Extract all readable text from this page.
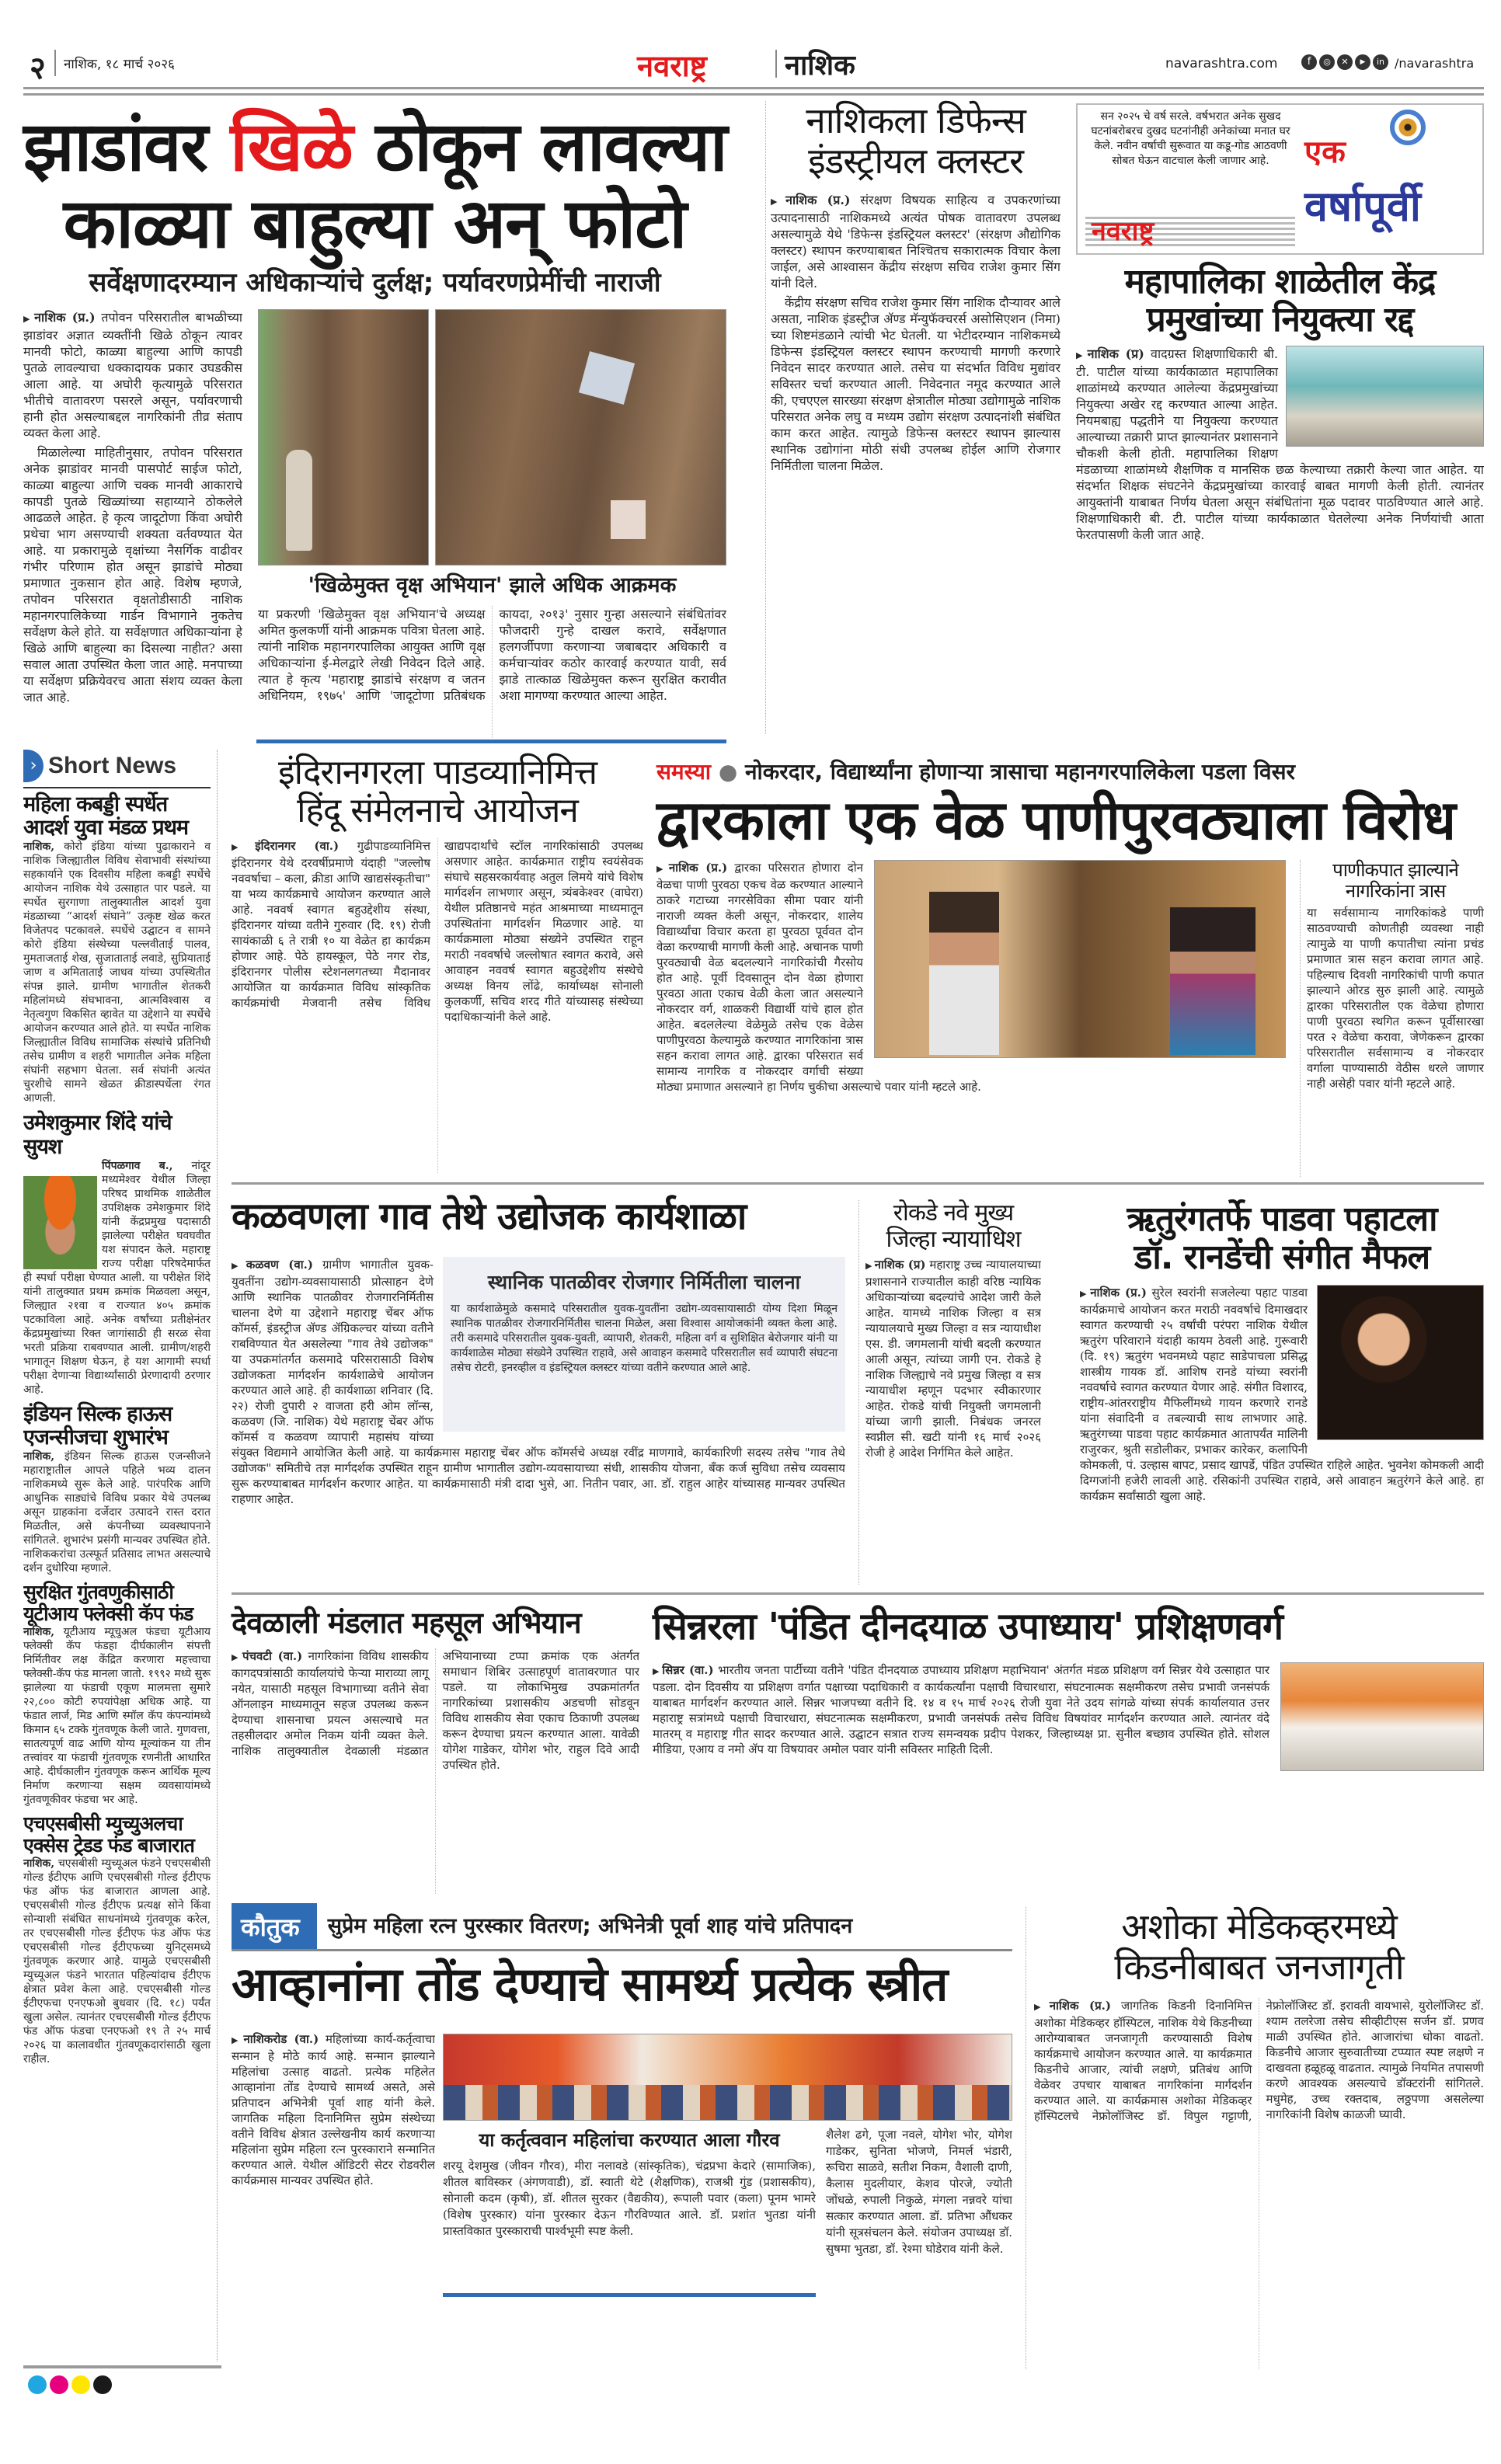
२ नाशिक, १८ मार्च २०२६	नवराष्ट्र	नाशिक	navarashtra.com	f	◎	✕	▶	in /navarashtra
झाडांवर खिळे ठोकून लावल्या
काळ्या बाहुल्या अन् फोटो
सर्वेक्षणादरम्यान अधिकाऱ्यांचे दुर्लक्ष; पर्यावरणप्रेमींची नाराजी

▶ नाशिक (प्र.) तपोवन परिसरातील बाभळीच्या झाडांवर अज्ञात व्यक्तींनी खिळे ठोकून त्यावर मानवी फोटो, काळ्या बाहुल्या आणि कापडी पुतळे लावल्याचा धक्कादायक प्रकार उघडकीस आला आहे. या अघोरी कृत्यामुळे परिसरात भीतीचे वातावरण पसरले असून, पर्यावरणाची हानी होत असल्याबद्दल नागरिकांनी तीव्र संताप व्यक्त केला आहे.

मिळालेल्या माहितीनुसार, तपोवन परिसरात अनेक झाडांवर मानवी पासपोर्ट साईज फोटो, काळ्या बाहुल्या आणि चक्क मानवी आकाराचे कापडी पुतळे खिळ्यांच्या सहाय्याने ठोकलेले आढळले आहेत. हे कृत्य जादूटोणा किंवा अघोरी प्रथेचा भाग असण्याची शक्यता वर्तवण्यात येत आहे. या प्रकारामुळे वृक्षांच्या नैसर्गिक वाढीवर गंभीर परिणाम होत असून झाडांचे मोठ्या प्रमाणात नुकसान होत आहे. विशेष म्हणजे, तपोवन परिसरात वृक्षतोडीसाठी नाशिक महानगरपालिकेच्या गार्डन विभागाने नुकतेच सर्वेक्षण केले होते. या सर्वेक्षणात अधिकाऱ्यांना हे खिळे आणि बाहुल्या का दिसल्या नाहीत? असा सवाल आता उपस्थित केला जात आहे. मनपाच्या या सर्वेक्षण प्रक्रियेवरच आता संशय व्यक्त केला जात आहे.

'खिळेमुक्त वृक्ष अभियान' झाले अधिक आक्रमक
या प्रकरणी 'खिळेमुक्त वृक्ष अभियान'चे अध्यक्ष अमित कुलकर्णी यांनी आक्रमक पवित्रा घेतला आहे. त्यांनी नाशिक महानगरपालिका आयुक्त आणि वृक्ष अधिकाऱ्यांना ई-मेलद्वारे लेखी निवेदन दिले आहे. त्यात हे कृत्य 'महाराष्ट्र झाडांचे संरक्षण व जतन अधिनियम, १९७५' आणि 'जादूटोणा प्रतिबंधक कायदा, २०१३' नुसार गुन्हा असल्याने संबंधितांवर फौजदारी गुन्हे दाखल करावे, सर्वेक्षणात हलगर्जीपणा करणाऱ्या जबाबदार अधिकारी व कर्मचाऱ्यांवर कठोर कारवाई करण्यात यावी, सर्व झाडे तात्काळ खिळेमुक्त करून सुरक्षित करावीत अशा मागण्या करण्यात आल्या आहेत.
नाशिकला डिफेन्स
इंडस्ट्रीयल क्लस्टर

▶ नाशिक (प्र.) संरक्षण विषयक साहित्य व उपकरणांच्या उत्पादनासाठी नाशिकमध्ये अत्यंत पोषक वातावरण उपलब्ध असल्यामुळे येथे 'डिफेन्स इंडस्ट्रियल क्लस्टर' (संरक्षण औद्योगिक क्लस्टर) स्थापन करण्याबाबत निश्चितच सकारात्मक विचार केला जाईल, असे आश्वासन केंद्रीय संरक्षण सचिव राजेश कुमार सिंग यांनी दिले.

केंद्रीय संरक्षण सचिव राजेश कुमार सिंग नाशिक दौऱ्यावर आले असता, नाशिक इंडस्ट्रीज ॲण्ड मॅन्युफॅक्चरर्स असोसिएशन (निमा) च्या शिष्टमंडळाने त्यांची भेट घेतली. या भेटीदरम्यान नाशिकमध्ये डिफेन्स इंडस्ट्रियल क्लस्टर स्थापन करण्याची मागणी करणारे निवेदन सादर करण्यात आले. तसेच या संदर्भात विविध मुद्यांवर सविस्तर चर्चा करण्यात आली. निवेदनात नमूद करण्यात आले की, एचएएल सारख्या संरक्षण क्षेत्रातील मोठ्या उद्योगामुळे नाशिक परिसरात अनेक लघु व मध्यम उद्योग संरक्षण उत्पादनांशी संबंधित काम करत आहेत. त्यामुळे डिफेन्स क्लस्टर स्थापन झाल्यास स्थानिक उद्योगांना मोठी संधी उपलब्ध होईल आणि रोजगार निर्मितीला चालना मिळेल.

सन २०२५ चे वर्ष सरले. वर्षभरात अनेक सुखद घटनांबरोबरच दुखद घटनांनीही अनेकांच्या मनात घर केले. नवीन वर्षाची सुरूवात या कडू-गोड आठवणी सोबत घेऊन वाटचाल केली जाणार आहे.
नवराष्ट्र
एक
वर्षापूर्वी
महापालिका शाळेतील केंद्र
प्रमुखांच्या नियुक्त्या रद्द
▶ नाशिक (प्र) वादग्रस्त शिक्षणाधिकारी बी. टी. पाटील यांच्या कार्यकाळात महापालिका शाळांमध्ये करण्यात आलेल्या केंद्रप्रमुखांच्या नियुक्त्या अखेर रद्द करण्यात आल्या आहेत. नियमबाह्य पद्धतीने या नियुक्त्या करण्यात आल्याच्या तक्रारी प्राप्त झाल्यानंतर प्रशासनाने चौकशी केली होती. महापालिका शिक्षण मंडळाच्या शाळांमध्ये शैक्षणिक व मानसिक छळ केल्याच्या तक्रारी केल्या जात आहेत. या संदर्भात शिक्षक संघटनेने केंद्रप्रमुखांच्या कारवाई बाबत मागणी केली होती. त्यानंतर आयुक्तांनी याबाबत निर्णय घेतला असून संबंधितांना मूळ पदावर पाठविण्यात आले आहे. शिक्षणाधिकारी बी. टी. पाटील यांच्या कार्यकाळात घेतलेल्या अनेक निर्णयांची आता फेरतपासणी केली जात आहे.
› Short News
महिला कबड्डी स्पर्धेत आदर्श युवा मंडळ प्रथम
नाशिक, कोरो इंडिया यांच्या पुढाकाराने व नाशिक जिल्ह्यातील विविध सेवाभावी संस्थांच्या सहकार्याने एक दिवसीय महिला कबड्डी स्पर्धेचे आयोजन नाशिक येथे उत्साहात पार पडले. या स्पर्धेत सुरगाणा तालुक्यातील आदर्श युवा मंडळाच्या “आदर्श संघाने” उत्कृष्ट खेळ करत विजेतपद पटकावले. स्पर्धेचे उद्घाटन व सामने कोरो इंडिया संस्थेच्या पल्लवीताई पालव, मुमताजताई शेख, सुजाताताई लवाडे, सुप्रियाताई जाण व अमिताताई जाधव यांच्या उपस्थितीत संपन्न झाले. ग्रामीण भागातील शेतकरी महिलांमध्ये संघभावना, आत्मविश्वास व नेतृत्वगुण विकसित व्हावेत या उद्देशाने या स्पर्धेचे आयोजन करण्यात आले होते. या स्पर्धेत नाशिक जिल्ह्यातील विविध सामाजिक संस्थांचे प्रतिनिधी तसेच ग्रामीण व शहरी भागातील अनेक महिला संघांनी सहभाग घेतला. सर्व संघांनी अत्यंत चुरशीचे सामने खेळत क्रीडास्पर्धेला रंगत आणली.
उमेशकुमार शिंदे यांचे सुयश
पिंपळगाव ब., नांदूर मध्यमेश्वर येथील जिल्हा परिषद प्राथमिक शाळेतील उपशिक्षक उमेशकुमार शिंदे यांनी केंद्रप्रमुख पदासाठी झालेल्या परीक्षेत घवघवीत यश संपादन केले. महाराष्ट्र राज्य परीक्षा परिषदेमार्फत ही स्पर्धा परीक्षा घेण्यात आली. या परीक्षेत शिंदे यांनी तालुक्यात प्रथम क्रमांक मिळवला असून, जिल्ह्यात २१वा व राज्यात ४०५ क्रमांक पटकाविला आहे. अनेक वर्षांच्या प्रतीक्षेनंतर केंद्रप्रमुखांच्या रिक्त जागांसाठी ही सरळ सेवा भरती प्रक्रिया राबवण्यात आली. ग्रामीण/शहरी भागातून शिक्षण घेऊन, हे यश आगामी स्पर्धा परीक्षा देणाऱ्या विद्यार्थ्यांसाठी प्रेरणादायी ठरणार आहे.
इंडियन सिल्क हाऊस एजन्सीजचा शुभारंभ
नाशिक, इंडियन सिल्क हाऊस एजन्सीजने महाराष्ट्रातील आपले पहिले भव्य दालन नाशिकमध्ये सुरू केले आहे. पारंपरिक आणि आधुनिक साड्यांचे विविध प्रकार येथे उपलब्ध असून ग्राहकांना दर्जेदार उत्पादने रास्त दरात मिळतील, असे कंपनीच्या व्यवस्थापनाने सांगितले. शुभारंभ प्रसंगी मान्यवर उपस्थित होते. नाशिककरांचा उत्स्फूर्त प्रतिसाद लाभत असल्याचे दर्शन दुधोरिया म्हणाले.
सुरक्षित गुंतवणुकीसाठी यूटीआय फ्लेक्सी कॅप फंड
नाशिक, यूटीआय म्यूचुअल फंडचा यूटीआय फ्लेक्सी कॅप फंडहा दीर्घकालीन संपत्ती निर्मितीवर लक्ष केंद्रित करणारा महत्त्वाचा फ्लेक्सी-कॅप फंड मानला जातो. १९९२ मध्ये सुरू झालेल्या या फंडाची एकूण मालमत्ता सुमारे २२,८०० कोटी रुपयांपेक्षा अधिक आहे. या फंडात लार्ज, मिड आणि स्मॉल कॅप कंपन्यांमध्ये किमान ६५ टक्के गुंतवणूक केली जाते. गुणवत्ता, सातत्यपूर्ण वाढ आणि योग्य मूल्यांकन या तीन तत्त्वांवर या फंडाची गुंतवणूक रणनीती आधारित आहे. दीर्घकालीन गुंतवणूक करून आर्थिक मूल्य निर्माण करणाऱ्या सक्षम व्यवसायांमध्ये गुंतवणूकीवर फंडचा भर आहे.
एचएसबीसी म्युच्युअलचा एक्सेस ट्रेडड फंड बाजारात
नाशिक, चएसबीसी म्युच्यूअल फंडने एचएसबीसी गोल्ड ईटीएफ आणि एचएसबीसी गोल्ड ईटीएफ फंड ऑफ फंड बाजारात आणला आहे. एचएसबीसी गोल्ड ईटीएफ प्रत्यक्ष सोने किंवा सोन्याशी संबंधित साधनांमध्ये गुंतवणूक करेल, तर एचएसबीसी गोल्ड ईटीएफ फंड ऑफ फंड एचएसबीसी गोल्ड ईटीएफच्या युनिट्समध्ये गुंतवणूक करणार आहे. यामुळे एचएसबीसी म्युच्यूअल फंडने भारतात पहिल्यांदाच ईटीएफ क्षेत्रात प्रवेश केला आहे. एचएसबीसी गोल्ड ईटीएफचा एनएफओ बुधवार (दि. १८) पर्यंत खुला असेल. त्यानंतर एचएसबीसी गोल्ड ईटीएफ फंड ऑफ फंडचा एनएफओ १९ ते २५ मार्च २०२६ या कालावधीत गुंतवणूकदारांसाठी खुला राहील.
इंदिरानगरला पाडव्यानिमित्त
हिंदू संमेलनाचे आयोजन
▶ इंदिरानगर (वा.) गुढीपाडव्यानिमित्त इंदिरानगर येथे दरवर्षीप्रमाणे यंदाही "जल्लोष नववर्षाचा – कला, क्रीडा आणि खाद्यसंस्कृतीचा" या भव्य कार्यक्रमाचे आयोजन करण्यात आले आहे. नववर्ष स्वागत बहुउद्देशीय संस्था, इंदिरानगर यांच्या वतीने गुरुवार (दि. १९) रोजी सायंकाळी ६ ते रात्री १० या वेळेत हा कार्यक्रम होणार आहे. पेठे हायस्कूल, पेठे नगर रोड, इंदिरानगर पोलीस स्टेशनलगतच्या मैदानावर आयोजित या कार्यक्रमात विविध सांस्कृतिक कार्यक्रमांची मेजवानी तसेच विविध खाद्यपदार्थांचे स्टॉल नागरिकांसाठी उपलब्ध असणार आहेत. कार्यक्रमात राष्ट्रीय स्वयंसेवक संघाचे सहसरकार्यवाह अतुल लिमये यांचे विशेष मार्गदर्शन लाभणार असून, त्र्यंबकेश्वर (वाघेरा) येथील प्रतिष्ठानचे महंत आश्रमाच्या माध्यमातून उपस्थितांना मार्गदर्शन मिळणार आहे. या कार्यक्रमाला मोठ्या संख्येने उपस्थित राहून मराठी नववर्षाचे जल्लोषात स्वागत करावे, असे आवाहन नववर्ष स्वागत बहुउद्देशीय संस्थेचे अध्यक्ष विनय लोंढे, कार्याध्यक्ष सोनाली कुलकर्णी, सचिव शरद गीते यांच्यासह संस्थेच्या पदाधिकाऱ्यांनी केले आहे.
समस्या ● नोकरदार, विद्यार्थ्यांना होणाऱ्या त्रासाचा महानगरपालिकेला पडला विसर
द्वारकाला एक वेळ पाणीपुरवठ्याला विरोध
▶ नाशिक (प्र.) द्वारका परिसरात होणारा दोन वेळचा पाणी पुरवठा एकच वेळ करण्यात आल्याने ठाकरे गटाच्या नगरसेविका सीमा पवार यांनी नाराजी व्यक्त केली असून, नोकरदार, शालेय विद्यार्थ्यांचा विचार करता हा पुरवठा पूर्ववत दोन वेळा करण्याची मागणी केली आहे. अचानक पाणी पुरवठ्याची वेळ बदलल्याने नागरिकांची गैरसोय होत आहे. पूर्वी दिवसातून दोन वेळा होणारा पुरवठा आता एकाच वेळी केला जात असल्याने नोकरदार वर्ग, शाळकरी विद्यार्थी यांचे हाल होत आहेत. बदललेल्या वेळेमुळे तसेच एक वेळेस पाणीपुरवठा केल्यामुळे करण्यात नागरिकांना त्रास सहन करावा लागत आहे. द्वारका परिसरात सर्व सामान्य नागरिक व नोकरदार वर्गाची संख्या मोठ्या प्रमाणात असल्याने हा निर्णय चुकीचा असल्याचे पवार यांनी म्हटले आहे.
पाणीकपात झाल्याने
नागरिकांना त्रास
या सर्वसामान्य नागरिकांकडे पाणी साठवण्याची कोणतीही व्यवस्था नाही त्यामुळे या पाणी कपातीचा त्यांना प्रचंड प्रमाणात त्रास सहन करावा लागत आहे. पहिल्याच दिवशी नागरिकांची पाणी कपात झाल्याने ओरड सुरु झाली आहे. त्यामुळे द्वारका परिसरातील एक वेळेचा होणारा पाणी पुरवठा स्थगित करून पूर्वीसारखा परत २ वेळेचा करावा, जेणेकरून द्वारका परिसरातील सर्वसामान्य व नोकरदार वर्गाला पाण्यासाठी वेठीस धरले जाणार नाही असेही पवार यांनी म्हटले आहे.
कळवणला गाव तेथे उद्योजक कार्यशाळा
स्थानिक पातळीवर रोजगार निर्मितीला चालना
या कार्यशाळेमुळे कसमादे परिसरातील युवक-युवतींना उद्योग-व्यवसायासाठी योग्य दिशा मिळून स्थानिक पातळीवर रोजगारनिर्मितीस चालना मिळेल, असा विश्वास आयोजकांनी व्यक्त केला आहे. तरी कसमादे परिसरातील युवक-युवती, व्यापारी, शेतकरी, महिला वर्ग व सुशिक्षित बेरोजगार यांनी या कार्यशाळेस मोठ्या संख्येने उपस्थित राहावे, असे आवाहन कसमादे परिसरातील सर्व व्यापारी संघटना तसेच रोटरी, इनरव्हील व इंडस्ट्रियल क्लस्टर यांच्या वतीने करण्यात आले आहे.
▶ कळवण (वा.) ग्रामीण भागातील युवक-युवतींना उद्योग-व्यवसायासाठी प्रोत्साहन देणे आणि स्थानिक पातळीवर रोजगारनिर्मितीस चालना देणे या उद्देशाने महाराष्ट्र चेंबर ऑफ कॉमर्स, इंडस्ट्रीज ॲण्ड ॲग्रिकल्चर यांच्या वतीने राबविण्यात येत असलेल्या "गाव तेथे उद्योजक" या उपक्रमांतर्गत कसमादे परिसरासाठी विशेष उद्योजकता मार्गदर्शन कार्यशाळेचे आयोजन करण्यात आले आहे. ही कार्यशाळा शनिवार (दि. २२) रोजी दुपारी २ वाजता हरी ओम लॉन्स, कळवण (जि. नाशिक) येथे महाराष्ट्र चेंबर ऑफ कॉमर्स व कळवण व्यापारी महासंघ यांच्या संयुक्त विद्यमाने आयोजित केली आहे. या कार्यक्रमास महाराष्ट्र चेंबर ऑफ कॉमर्सचे अध्यक्ष रवींद्र माणगावे, कार्यकारिणी सदस्य तसेच "गाव तेथे उद्योजक" समितीचे तज्ञ मार्गदर्शक उपस्थित राहून ग्रामीण भागातील उद्योग-व्यवसायाच्या संधी, शासकीय योजना, बँक कर्ज सुविधा तसेच व्यवसाय सुरू करण्याबाबत मार्गदर्शन करणार आहेत. या कार्यक्रमासाठी मंत्री दादा भुसे, आ. नितीन पवार, आ. डॉ. राहुल आहेर यांच्यासह मान्यवर उपस्थित राहणार आहेत.
रोकडे नवे मुख्य
जिल्हा न्यायाधिश
▶ नाशिक (प्र) महाराष्ट्र उच्च न्यायालयाच्या प्रशासनाने राज्यातील काही वरिष्ठ न्यायिक अधिकाऱ्यांच्या बदल्यांचे आदेश जारी केले आहेत. यामध्ये नाशिक जिल्हा व सत्र न्यायालयाचे मुख्य जिल्हा व सत्र न्यायाधीश एस. डी. जगमलानी यांची बदली करण्यात आली असून, त्यांच्या जागी एन. रोकडे हे नाशिक जिल्ह्याचे नवे प्रमुख जिल्हा व सत्र न्यायाधीश म्हणून पदभार स्वीकारणार आहेत. रोकडे यांची नियुक्ती जगमलानी यांच्या जागी झाली. निबंधक जनरल स्वप्नील सी. खटी यांनी १६ मार्च २०२६ रोजी हे आदेश निर्गमित केले आहेत.
ऋतुरंगतर्फे पाडवा पहाटला
डॉ. रानडेंची संगीत मैफल
▶ नाशिक (प्र.) सुरेल स्वरांनी सजलेल्या पहाट पाडवा कार्यक्रमाचे आयोजन करत मराठी नववर्षाचे दिमाखदार स्वागत करण्याची २५ वर्षांची परंपरा नाशिक येथील ऋतुरंग परिवाराने यंदाही कायम ठेवली आहे. गुरूवारी (दि. १९) ऋतुरंग भवनमध्ये पहाट साडेपाचला प्रसिद्ध शास्त्रीय गायक डॉ. आशिष रानडे यांच्या स्वरांनी नववर्षाचे स्वागत करण्यात येणार आहे. संगीत विशारद, राष्ट्रीय-आंतरराष्ट्रीय मैफिलींमध्ये गायन करणारे रानडे यांना संवादिनी व तबल्याची साथ लाभणार आहे. ऋतुरंगच्या पाडवा पहाट कार्यक्रमात आतापर्यंत मालिनी राजुरकर, श्रुती सडोलीकर, प्रभाकर कारेकर, कलापिनी कोमकली, पं. उल्हास बापट, प्रसाद खापर्डे, पंडित उपस्थित राहिले आहेत. भुवनेश कोमकली आदी दिग्गजांनी हजेरी लावली आहे. रसिकांनी उपस्थित राहावे, असे आवाहन ऋतुरंगने केले आहे. हा कार्यक्रम सर्वांसाठी खुला आहे.
देवळाली मंडलात महसूल अभियान
▶ पंचवटी (वा.) नागरिकांना विविध शासकीय कागदपत्रांसाठी कार्यालयांचे फेऱ्या माराव्या लागू नयेत, यासाठी महसूल विभागाच्या वतीने सेवा ऑनलाइन माध्यमातून सहज उपलब्ध करून देण्याचा शासनाचा प्रयत्न असल्याचे मत तहसीलदार अमोल निकम यांनी व्यक्त केले. नाशिक तालुक्यातील देवळाली मंडळात अभियानाच्या टप्पा क्रमांक एक अंतर्गत समाधान शिबिर उत्साहपूर्ण वातावरणात पार पडले. या लोकाभिमुख उपक्रमांतर्गत नागरिकांच्या प्रशासकीय अडचणी सोडवून विविध शासकीय सेवा एकाच ठिकाणी उपलब्ध करून देण्याचा प्रयत्न करण्यात आला. यावेळी योगेश गाडेकर, योगेश भोर, राहुल दिवे आदी उपस्थित होते.
सिन्नरला 'पंडित दीनदयाळ उपाध्याय' प्रशिक्षणवर्ग
▶ सिन्नर (वा.) भारतीय जनता पार्टीच्या वतीने 'पंडित दीनदयाळ उपाध्याय प्रशिक्षण महाभियान' अंतर्गत मंडळ प्रशिक्षण वर्ग सिन्नर येथे उत्साहात पार पडला. दोन दिवसीय या प्रशिक्षण वर्गात पक्षाच्या पदाधिकारी व कार्यकर्त्यांना पक्षाची विचारधारा, संघटनात्मक सक्षमीकरण तसेच प्रभावी जनसंपर्क याबाबत मार्गदर्शन करण्यात आले. सिन्नर भाजपच्या वतीने दि. १४ व १५ मार्च २०२६ रोजी युवा नेते उदय सांगळे यांच्या संपर्क कार्यालयात उत्तर महाराष्ट्र सत्रांमध्ये पक्षाची विचारधारा, संघटनात्मक सक्षमीकरण, प्रभावी जनसंपर्क तसेच विविध विषयांवर मार्गदर्शन करण्यात आले. त्यानंतर वंदे मातरम् व महाराष्ट्र गीत सादर करण्यात आले. उद्घाटन सत्रात राज्य समन्वयक प्रदीप पेशकर, जिल्हाध्यक्ष प्रा. सुनील बच्छाव उपस्थित होते. सोशल मीडिया, एआय व नमो ॲप या विषयावर अमोल पवार यांनी सविस्तर माहिती दिली.
कौतुक	सुप्रेम महिला रत्न पुरस्कार वितरण; अभिनेत्री पूर्वा शाह यांचे प्रतिपादन
आव्हानांना तोंड देण्याचे सामर्थ्य प्रत्येक स्त्रीत
▶ नाशिकरोड (वा.) महिलांच्या कार्य-कर्तृत्वाचा सन्मान हे मोठे कार्य आहे. सन्मान झाल्याने महिलांचा उत्साह वाढतो. प्रत्येक महिलेत आव्हानांना तोंड देण्याचे सामर्थ्य असते, असे प्रतिपादन अभिनेत्री पूर्वा शाह यांनी केले. जागतिक महिला दिनानिमित्त सुप्रेम संस्थेच्या वतीने विविध क्षेत्रात उल्लेखनीय कार्य करणाऱ्या महिलांना सुप्रेम महिला रत्न पुरस्काराने सन्मानित करण्यात आले. येथील ऑडिटरी सेटर रोडवरील कार्यक्रमास मान्यवर उपस्थित होते.
या कर्तृत्ववान महिलांचा करण्यात आला गौरव
शरयू देशमुख (जीवन गौरव), मीरा नलावडे (सांस्कृतिक), चंद्रप्रभा केदारे (सामाजिक), शीतल बाविस्कर (अंगणवाडी), डॉ. स्वाती थेटे (शैक्षणिक), राजश्री गुंड (प्रशासकीय), सोनाली कदम (कृषी), डॉ. शीतल सुरकर (वैद्यकीय), रूपाली पवार (कला) पूनम भामरे (विशेष पुरस्कार) यांना पुरस्कार देऊन गौरविण्यात आले. डॉ. प्रशांत भुतडा यांनी प्रास्तविकात पुरस्काराची पार्श्वभूमी स्पष्ट केली.
शैलेश ढगे, पूजा नवले, योगेश भोर, योगेश गाडेकर, सुनिता भोजणे, निमर्ल भंडारी, रूचिरा साळवे, सतीश निकम, वैशाली दाणी, कैलास मुदलीयार, केशव पोरजे, ज्योती जोंधळे, रुपाली निकुळे, मंगला नन्नवरे यांचा सत्कार करण्यात आला. डॉ. प्रतिभा औंधकर यांनी सूत्रसंचलन केले. संयोजन उपाध्यक्ष डॉ. सुषमा भुतडा, डॉ. रेश्मा घोडेराव यांनी केले.
अशोका मेडिकव्हरमध्ये
किडनीबाबत जनजागृती
▶ नाशिक (प्र.) जागतिक किडनी दिनानिमित्त अशोका मेडिकव्हर हॉस्पिटल, नाशिक येथे किडनीच्या आरोग्याबाबत जनजागृती करण्यासाठी विशेष कार्यक्रमाचे आयोजन करण्यात आले. या कार्यक्रमात किडनीचे आजार, त्यांची लक्षणे, प्रतिबंध आणि वेळेवर उपचार याबाबत नागरिकांना मार्गदर्शन करण्यात आले. या कार्यक्रमास अशोका मेडिकव्हर हॉस्पिटलचे नेफ्रोलॉजिस्ट डॉ. विपुल गट्टाणी, नेफ्रोलॉजिस्ट डॉ. इरावती वायभासे, युरोलॉजिस्ट डॉ. श्याम तलरेजा तसेच सीव्हीटीएस सर्जन डॉ. प्रणव माळी उपस्थित होते. आजारांचा धोका वाढतो. किडनीचे आजार सुरुवातीच्या टप्प्यात स्पष्ट लक्षणे न दाखवता हळूहळू वाढतात. त्यामुळे नियमित तपासणी करणे आवश्यक असल्याचे डॉक्टरांनी सांगितले. मधुमेह, उच्च रक्तदाब, लठ्ठपणा असलेल्या नागरिकांनी विशेष काळजी घ्यावी.
